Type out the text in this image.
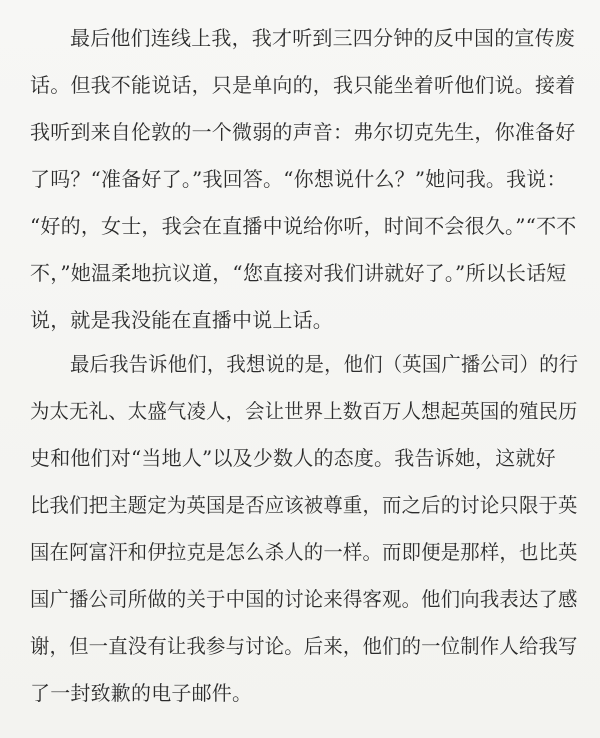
最后他们连线上我，我才听到三四分钟的反中国的宣传废
话。但我不能说话，只是单向的，我只能坐着听他们说。接着
我听到来自伦敦的一个微弱的声音：弗尔切克先生，你准备好
了吗？“准备好了。”我回答。“你想说什么？”她问我。我说：
“好的，女士，我会在直播中说给你听，时间不会很久。”“不不
不，”她温柔地抗议道，“您直接对我们讲就好了。”所以长话短
说，就是我没能在直播中说上话。
最后我告诉他们，我想说的是，他们（英国广播公司）的行
为太无礼、太盛气凌人，会让世界上数百万人想起英国的殖民历
史和他们对“当地人”以及少数人的态度。我告诉她，这就好
比我们把主题定为英国是否应该被尊重，而之后的讨论只限于英
国在阿富汗和伊拉克是怎么杀人的一样。而即便是那样，也比英
国广播公司所做的关于中国的讨论来得客观。他们向我表达了感
谢，但一直没有让我参与讨论。后来，他们的一位制作人给我写
了一封致歉的电子邮件。
